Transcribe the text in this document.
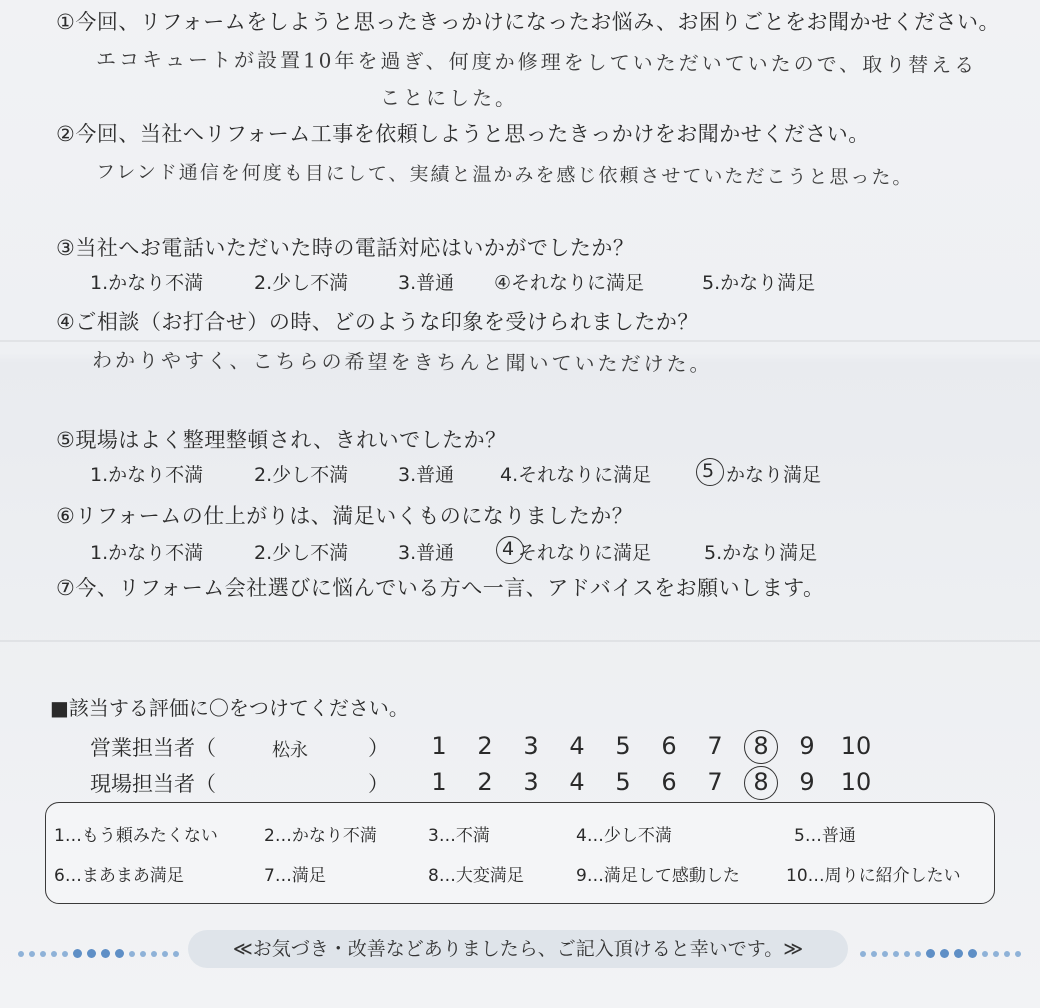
①今回、リフォームをしようと思ったきっかけになったお悩み、お困りごとをお聞かせください。
エコキュートが設置10年を過ぎ、何度か修理をしていただいていたので、取り替える
ことにした。
②今回、当社へリフォーム工事を依頼しようと思ったきっかけをお聞かせください。
フレンド通信を何度も目にして、実績と温かみを感じ依頼させていただこうと思った。
③当社へお電話いただいた時の電話対応はいかがでしたか？
1.かなり不満	2.少し不満	3.普通 ④それなりに満足	5.かなり満足
④ご相談（お打合せ）の時、どのような印象を受けられましたか？
わかりやすく、こちらの希望をきちんと聞いていただけた。
⑤現場はよく整理整頓され、きれいでしたか？
1.かなり不満	2.少し不満	3.普通 4.それなりに満足	5 かなり満足
⑥リフォームの仕上がりは、満足いくものになりましたか？
1.かなり不満	2.少し不満	3.普通	4 それなりに満足	5.かなり満足
⑦今、リフォーム会社選びに悩んでいる方へ一言、アドバイスをお願いします。
■該当する評価に〇をつけてください。
営業担当者（	松永	）	1	2	3	4	5	6	7	8	9	10
現場担当者（	）	1	2	3	4	5	6	7	8	9	10
1…もう頼みたくない	2…かなり不満	3…不満	4…少し不満	5…普通
6…まあまあ満足	7…満足	8…大変満足	9…満足して感動した	10…周りに紹介したい
≪お気づき・改善などありましたら、ご記入頂けると幸いです。≫
